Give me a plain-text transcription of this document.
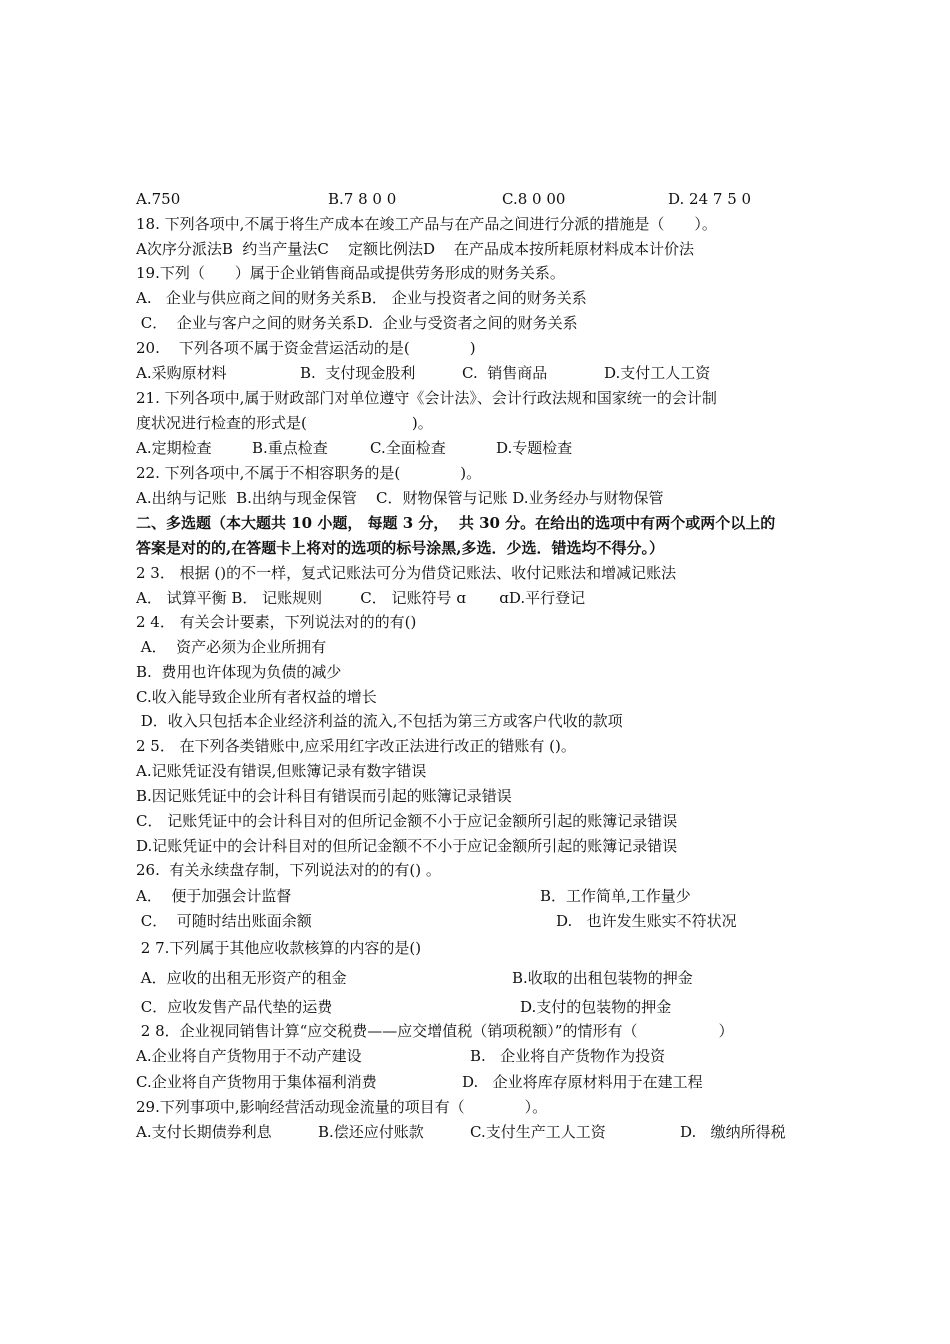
A.750	B.7 8 0 0	C.8 0 00	D. 24 7 5 0
18. 下列各项中,不属于将生产成本在竣工产品与在产品之间进行分派的措施是（　　）。
A次序分派法B  约当产量法C    定额比例法D    在产品成本按所耗原材料成本计价法
19.下列（　　）属于企业销售商品或提供劳务形成的财务关系。
A.   企业与供应商之间的财务关系B． 企业与投资者之间的财务关系
C．  企业与客户之间的财务关系D.  企业与受资者之间的财务关系
20.    下列各项不属于资金营运活动的是(　　　　)
A.采购原材料	B.  支付现金股利	C.  销售商品	D.支付工人工资
21. 下列各项中,属于财政部门对单位遵守《会计法》、会计行政法规和国家统一的会计制
度状况进行检查的形式是(　　　　　　　)。
A.定期检查	B.重点检查	C.全面检查	D.专题检查
22. 下列各项中,不属于不相容职务的是(　　　　)。
A.出纳与记账  B.出纳与现金保管    C．财物保管与记账 D.业务经办与财物保管
二、多选题（本大题共 10 小题， 每题 3 分，  共 30 分。在给出的选项中有两个或两个以上的
答案是对的的,在答题卡上将对的选项的标号涂黑,多选．少选．错选均不得分。）
2 3． 根据 ()的不一样，复式记账法可分为借贷记账法、收付记账法和增减记账法
A． 试算平衡 B． 记账规则        C． 记账符号 ɑ       ɑD.平行登记
2 4． 有关会计要素，下列说法对的的有()
A．  资产必须为企业所拥有
B.  费用也许体现为负债的减少
C.收入能导致企业所有者权益的增长
D．收入只包括本企业经济利益的流入,不包括为第三方或客户代收的款项
2 5． 在下列各类错账中,应采用红字改正法进行改正的错账有 ()。
A.记账凭证没有错误,但账簿记录有数字错误
B.因记账凭证中的会计科目有错误而引起的账簿记录错误
C． 记账凭证中的会计科目对的但所记金额不小于应记金额所引起的账簿记录错误
D.记账凭证中的会计科目对的但所记金额不不小于应记金额所引起的账簿记录错误
26.  有关永续盘存制，下列说法对的的有() 。
A．  便于加强会计监督	B．工作简单,工作量少
C．  可随时结出账面余额	D.   也许发生账实不符状况
2 7.下列属于其他应收款核算的内容的是()
A．应收的出租无形资产的租金	B.收取的出租包装物的押金
C．应收发售产品代垫的运费	D.支付的包装物的押金
2 8．企业视同销售计算“应交税费——应交增值税（销项税额）”的情形有（                 ）
A.企业将自产货物用于不动产建设	B.   企业将自产货物作为投资
C.企业将自产货物用于集体福利消费	D.   企业将库存原材料用于在建工程
29.下列事项中,影响经营活动现金流量的项目有（　　　　）。
A.支付长期债券利息	B.偿还应付账款	C.支付生产工人工资	D.   缴纳所得税
